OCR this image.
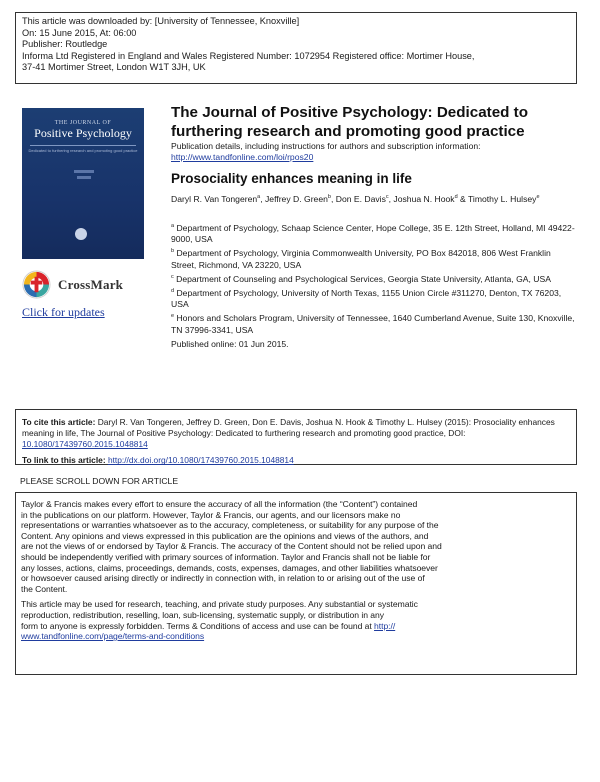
This article was downloaded by: [University of Tennessee, Knoxville]
On: 15 June 2015, At: 06:00
Publisher: Routledge
Informa Ltd Registered in England and Wales Registered Number: 1072954 Registered office: Mortimer House,
37-41 Mortimer Street, London W1T 3JH, UK
THE JOURNAL OF
Positive Psychology
Dedicated to furthering research and promoting good practice
CrossMark
Click for updates
The Journal of Positive Psychology: Dedicated to furthering research and promoting good practice
Publication details, including instructions for authors and subscription information:
http://www.tandfonline.com/loi/rpos20
Prosociality enhances meaning in life
Daryl R. Van Tongeren$^a$, Jeffrey D. Green$^b$, Don E. Davis$^c$, Joshua N. Hook$^d$ & Timothy L. Hulsey$^e$
$^a$ Department of Psychology, Schaap Science Center, Hope College, 35 E. 12th Street, Holland, MI 49422-9000, USA
$^b$ Department of Psychology, Virginia Commonwealth University, PO Box 842018, 806 West Franklin Street, Richmond, VA 23220, USA
$^c$ Department of Counseling and Psychological Services, Georgia State University, Atlanta, GA, USA
$^d$ Department of Psychology, University of North Texas, 1155 Union Circle #311270, Denton, TX 76203, USA
$^e$ Honors and Scholars Program, University of Tennessee, 1640 Cumberland Avenue, Suite 130, Knoxville, TN 37996-3341, USA
Published online: 01 Jun 2015.
To cite this article: Daryl R. Van Tongeren, Jeffrey D. Green, Don E. Davis, Joshua N. Hook & Timothy L. Hulsey (2015): Prosociality enhances meaning in life, The Journal of Positive Psychology: Dedicated to furthering research and promoting good practice, DOI: 10.1080/17439760.2015.1048814
To link to this article: http://dx.doi.org/10.1080/17439760.2015.1048814
PLEASE SCROLL DOWN FOR ARTICLE
Taylor & Francis makes every effort to ensure the accuracy of all the information (the “Content”) contained
in the publications on our platform. However, Taylor & Francis, our agents, and our licensors make no
representations or warranties whatsoever as to the accuracy, completeness, or suitability for any purpose of the
Content. Any opinions and views expressed in this publication are the opinions and views of the authors, and
are not the views of or endorsed by Taylor & Francis. The accuracy of the Content should not be relied upon and
should be independently verified with primary sources of information. Taylor and Francis shall not be liable for
any losses, actions, claims, proceedings, demands, costs, expenses, damages, and other liabilities whatsoever
or howsoever caused arising directly or indirectly in connection with, in relation to or arising out of the use of
the Content.
This article may be used for research, teaching, and private study purposes. Any substantial or systematic
reproduction, redistribution, reselling, loan, sub-licensing, systematic supply, or distribution in any
form to anyone is expressly forbidden. Terms & Conditions of access and use can be found at http://
www.tandfonline.com/page/terms-and-conditions
